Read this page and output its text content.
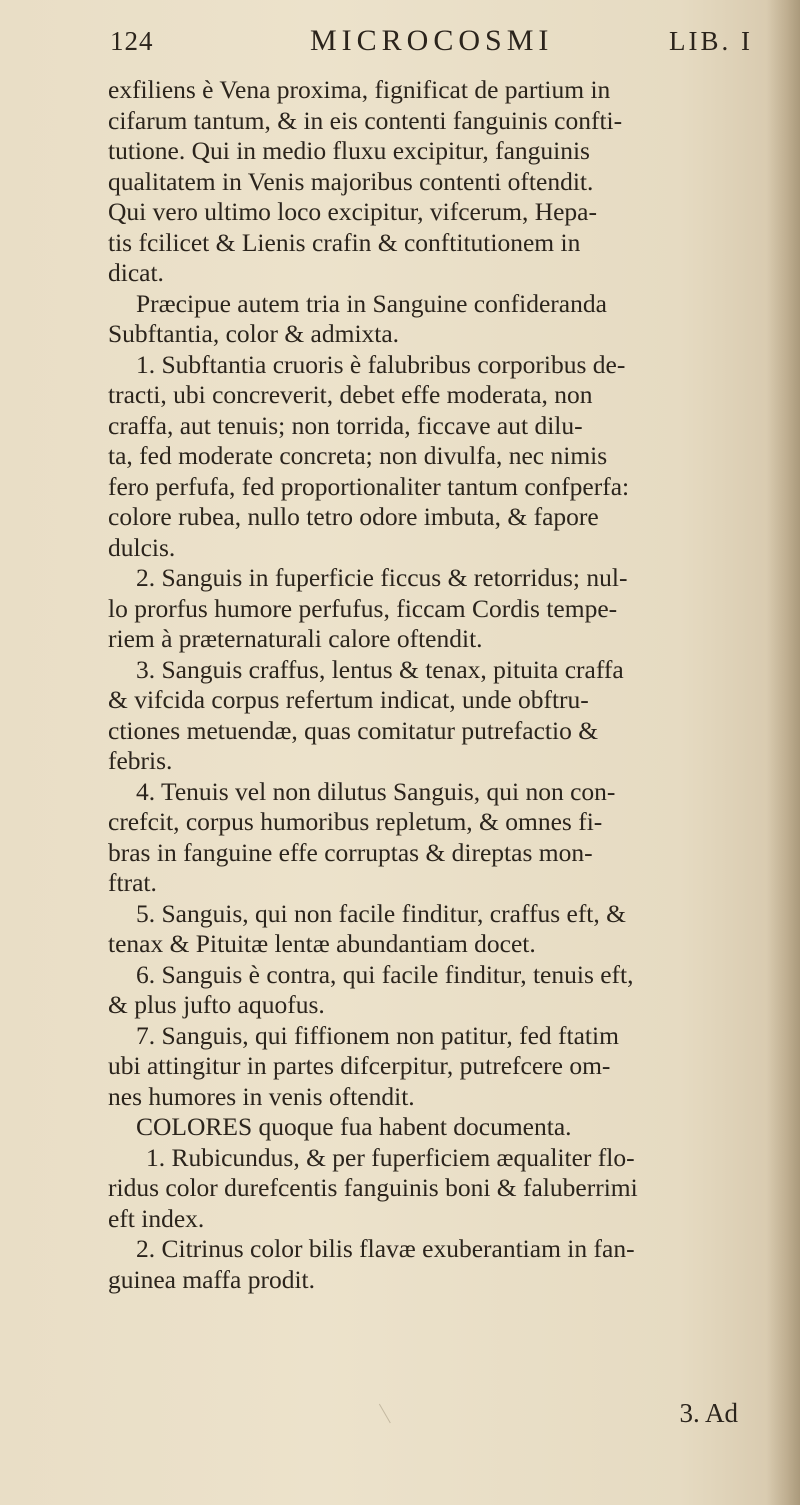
124	MICROCOSMI	LIB. I
exfiliens è Vena proxima, fignificat de partium in
cifarum tantum, & in eis contenti fanguinis confti-
tutione. Qui in medio fluxu excipitur, fanguinis
qualitatem in Venis majoribus contenti oftendit.
Qui vero ultimo loco excipitur, vifcerum, Hepa-
tis fcilicet & Lienis crafin & conftitutionem in
dicat.
Præcipue autem tria in Sanguine confideranda
Subftantia, color & admixta.
1. Subftantia cruoris è falubribus corporibus de-
tracti, ubi concreverit, debet effe moderata, non
craffa, aut tenuis; non torrida, ficcave aut dilu-
ta, fed moderate concreta; non divulfa, nec nimis
fero perfufa, fed proportionaliter tantum confperfa:
colore rubea, nullo tetro odore imbuta, & fapore
dulcis.
2. Sanguis in fuperficie ficcus & retorridus; nul-
lo prorfus humore perfufus, ficcam Cordis tempe-
riem à præternaturali calore oftendit.
3. Sanguis craffus, lentus & tenax, pituita craffa
& vifcida corpus refertum indicat, unde obftru-
ctiones metuendæ, quas comitatur putrefactio &
febris.
4. Tenuis vel non dilutus Sanguis, qui non con-
crefcit, corpus humoribus repletum, & omnes fi-
bras in fanguine effe corruptas & direptas mon-
ftrat.
5. Sanguis, qui non facile finditur, craffus eft, &
tenax & Pituitæ lentæ abundantiam docet.
6. Sanguis è contra, qui facile finditur, tenuis eft,
& plus jufto aquofus.
7. Sanguis, qui fiffionem non patitur, fed ftatim
ubi attingitur in partes difcerpitur, putrefcere om-
nes humores in venis oftendit.
COLORES quoque fua habent documenta.
1. Rubicundus, & per fuperficiem æqualiter flo-
ridus color durefcentis fanguinis boni & faluberrimi
eft index.
2. Citrinus color bilis flavæ exuberantiam in fan-
guinea maffa prodit.
3. Ad
